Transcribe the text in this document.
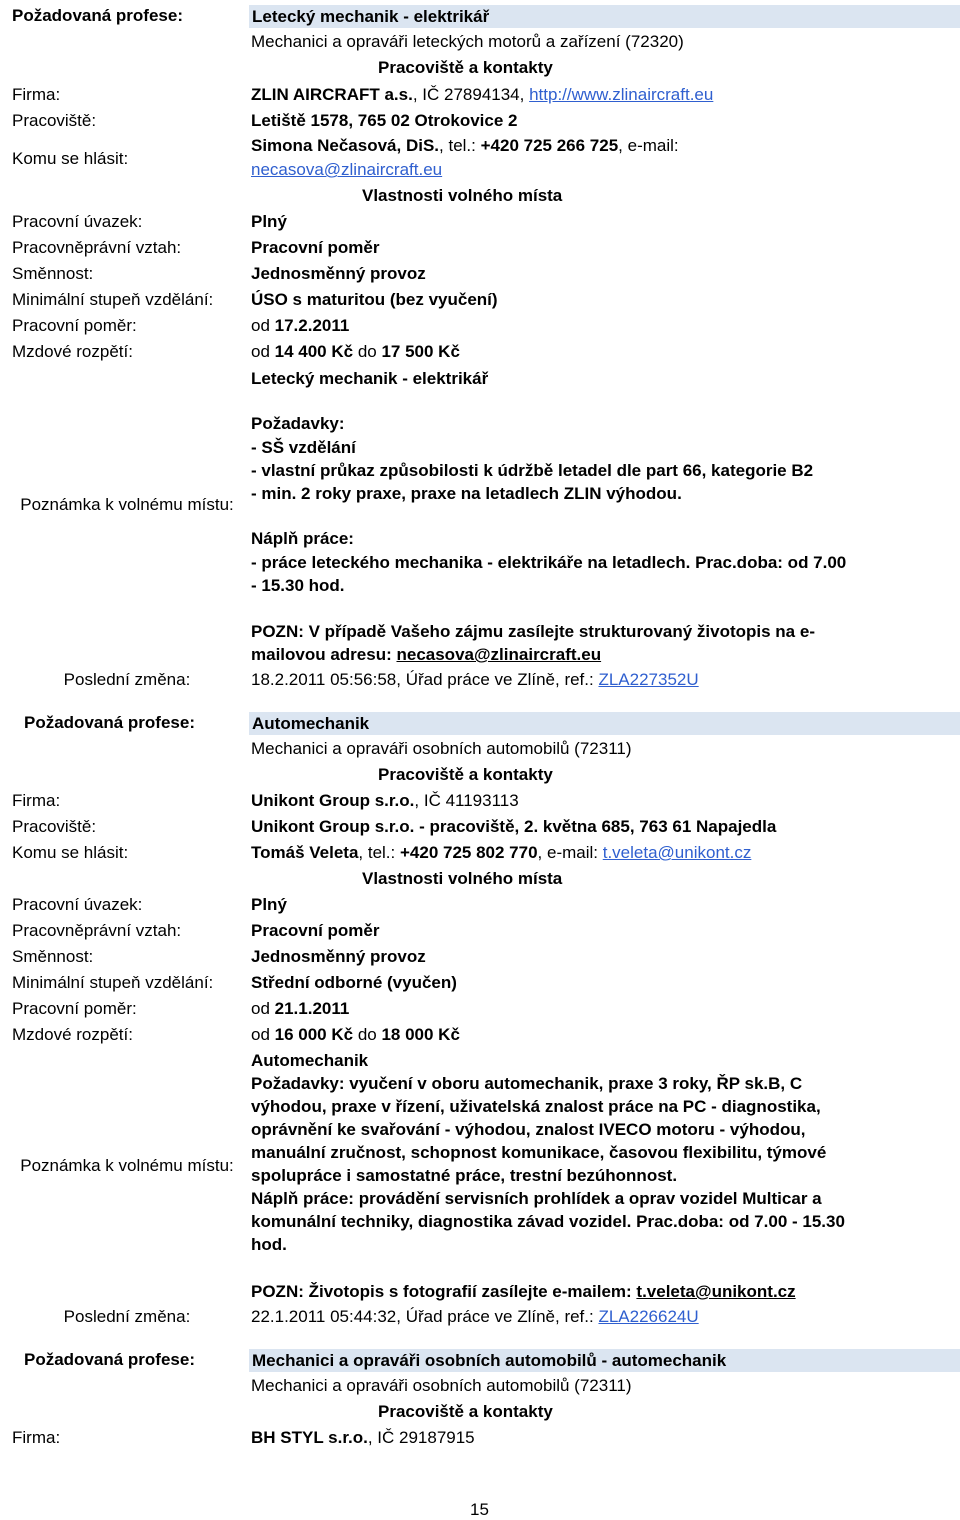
Požadovaná profese:	Letecký mechanik - elektrikář
Mechanici a opraváři leteckých motorů a zařízení (72320)
Pracoviště a kontakty
Firma:	ZLIN AIRCRAFT a.s., IČ 27894134, http://www.zlinaircraft.eu
Pracoviště:	Letiště 1578, 765 02 Otrokovice 2
Komu se hlásit:
Simona Nečasová, DiS., tel.: +420 725 266 725, e-mail:
necasova@zlinaircraft.eu
Vlastnosti volného místa
Pracovní úvazek:	Plný
Pracovněprávní vztah:	Pracovní poměr
Směnnost:	Jednosměnný provoz
Minimální stupeň vzdělání: ÚSO s maturitou (bez vyučení)
Pracovní poměr:	od 17.2.2011
Mzdové rozpětí:	od 14 400 Kč do 17 500 Kč
Letecký mechanik - elektrikář
Poznámka k volnému místu:
Požadavky:
- SŠ vzdělání
- vlastní průkaz způsobilosti k údržbě letadel dle part 66, kategorie B2
- min. 2 roky praxe, praxe na letadlech ZLIN výhodou.
Náplň práce:
- práce leteckého mechanika - elektrikáře na letadlech. Prac.doba: od 7.00
- 15.30 hod.
POZN: V případě Vašeho zájmu zasílejte strukturovaný životopis na e-
mailovou adresu: necasova@zlinaircraft.eu
Poslední změna:	18.2.2011 05:56:58, Úřad práce ve Zlíně, ref.: ZLA227352U
Požadovaná profese:	Automechanik
Mechanici a opraváři osobních automobilů (72311)
Pracoviště a kontakty
Firma:	Unikont Group s.r.o., IČ 41193113
Pracoviště:	Unikont Group s.r.o. - pracoviště, 2. května 685, 763 61 Napajedla
Komu se hlásit:	Tomáš Veleta, tel.: +420 725 802 770, e-mail: t.veleta@unikont.cz
Vlastnosti volného místa
Pracovní úvazek:	Plný
Pracovněprávní vztah:	Pracovní poměr
Směnnost:	Jednosměnný provoz
Minimální stupeň vzdělání: Střední odborné (vyučen)
Pracovní poměr:	od 21.1.2011
Mzdové rozpětí:	od 16 000 Kč do 18 000 Kč
Automechanik
Poznámka k volnému místu:
Požadavky: vyučení v oboru automechanik, praxe 3 roky, ŘP sk.B, C
výhodou, praxe v řízení, uživatelská znalost práce na PC - diagnostika,
oprávnění ke svařování - výhodou, znalost IVECO motoru - výhodou,
manuální zručnost, schopnost komunikace, časovou flexibilitu, týmové
spolupráce i samostatné práce, trestní bezúhonnost.
Náplň práce: provádění servisních prohlídek a oprav vozidel Multicar a
komunální techniky, diagnostika závad vozidel. Prac.doba: od 7.00 - 15.30
hod.
POZN: Životopis s fotografií zasílejte e-mailem: t.veleta@unikont.cz
Poslední změna:	22.1.2011 05:44:32, Úřad práce ve Zlíně, ref.: ZLA226624U
Požadovaná profese:	Mechanici a opraváři osobních automobilů - automechanik
Mechanici a opraváři osobních automobilů (72311)
Pracoviště a kontakty
Firma:	BH STYL s.r.o., IČ 29187915
15
